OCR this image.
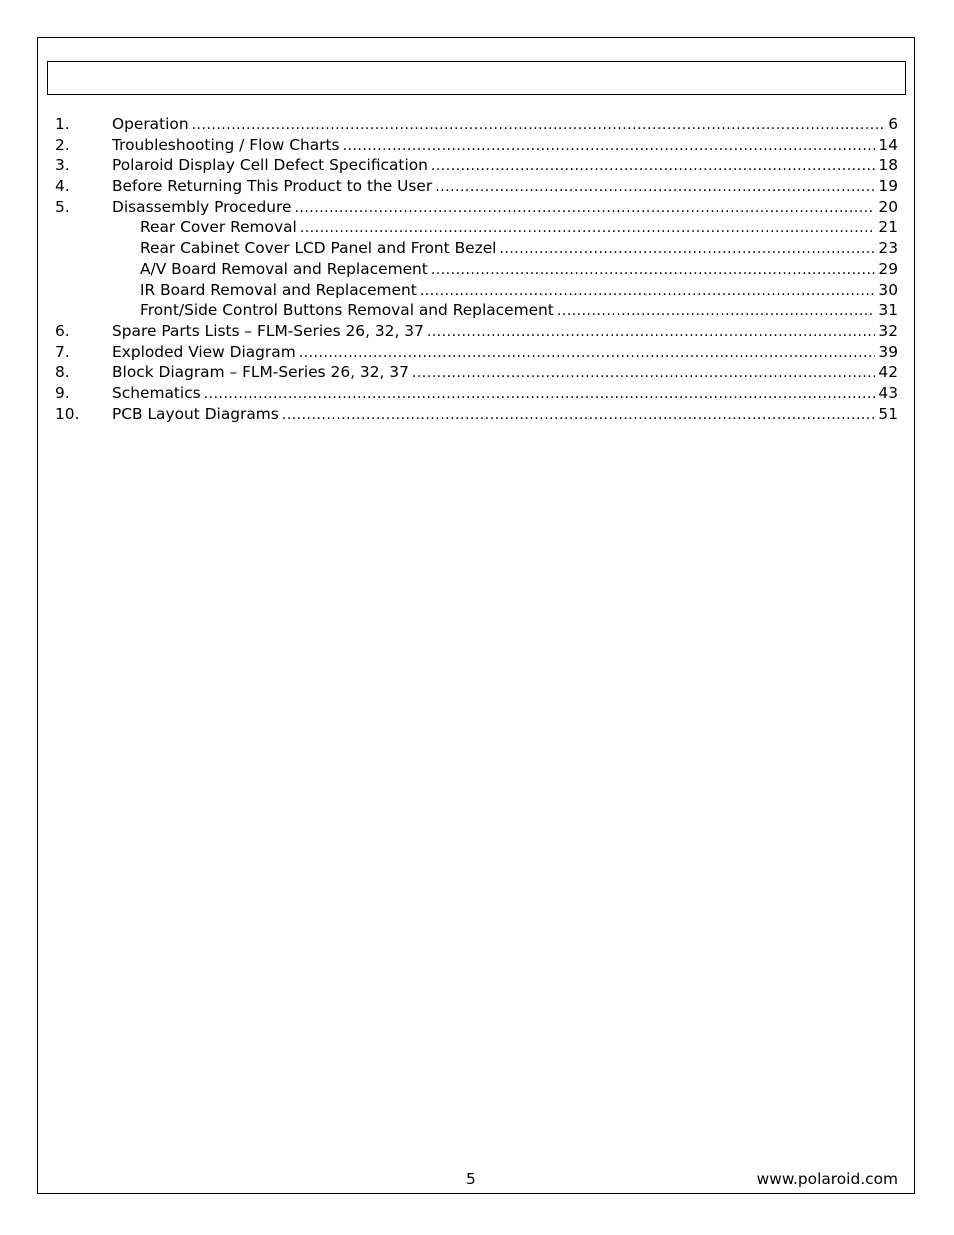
1.	Operation .....	6
2.	Troubleshooting / Flow Charts .....	14
3.	Polaroid Display Cell Defect Specification .....	18
4.	Before Returning This Product to the User .....	19
5.	Disassembly Procedure .....	20
Rear Cover Removal .....	21
Rear Cabinet Cover LCD Panel and Front Bezel .....	23
A/V Board Removal and Replacement .....	29
IR Board Removal and Replacement .....	30
Front/Side Control Buttons Removal and Replacement .....	31
6.	Spare Parts Lists – FLM-Series 26, 32, 37 .....	32
7.	Exploded View Diagram .....	39
8.	Block Diagram – FLM-Series 26, 32, 37 .....	42
9.	Schematics .....	43
10.	PCB Layout Diagrams .....	51
5	www.polaroid.com
